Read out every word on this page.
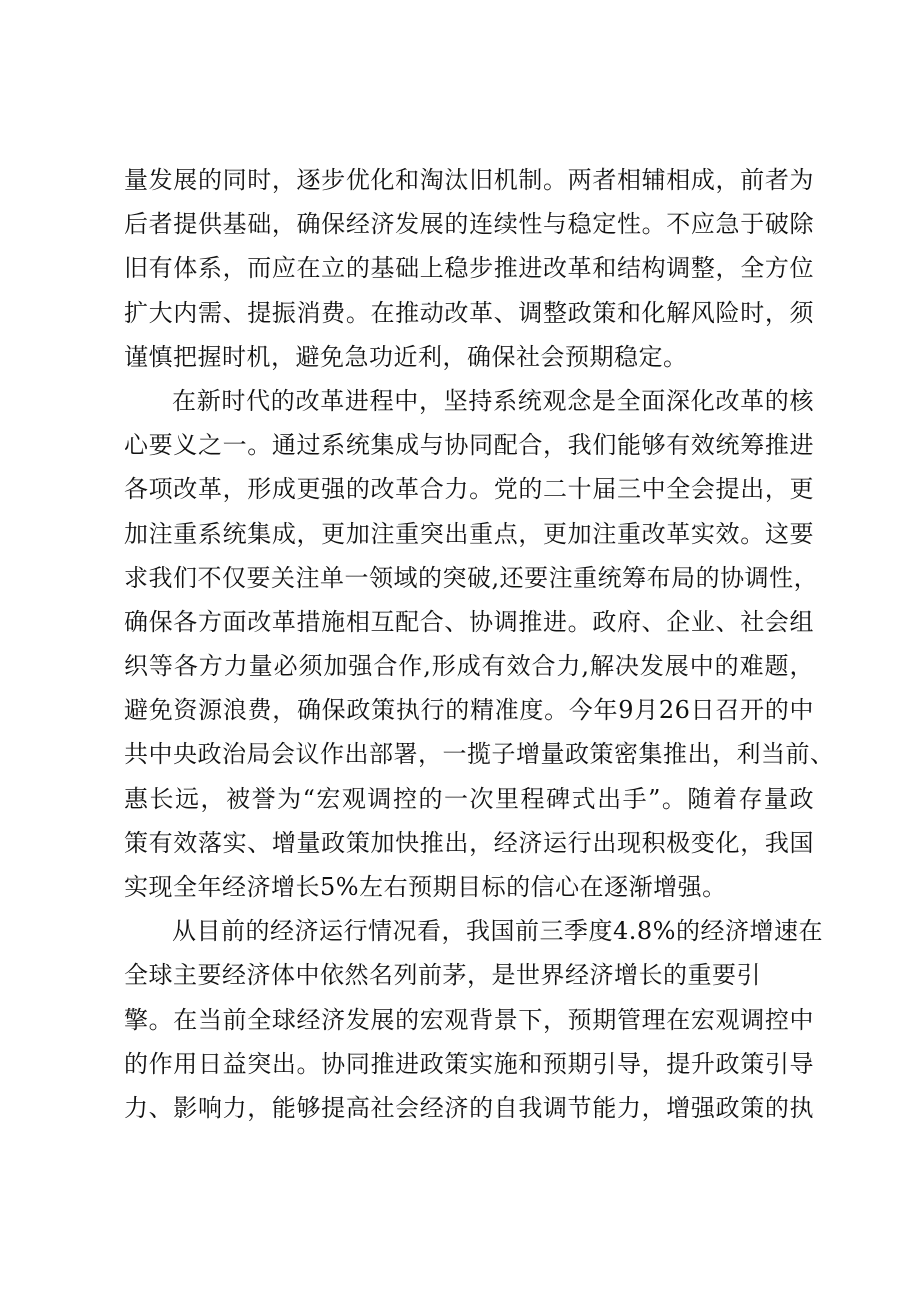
量发展的同时，逐步优化和淘汰旧机制。两者相辅相成，前者为
后者提供基础，确保经济发展的连续性与稳定性。不应急于破除
旧有体系，而应在立的基础上稳步推进改革和结构调整，全方位
扩大内需、提振消费。在推动改革、调整政策和化解风险时，须
谨慎把握时机，避免急功近利，确保社会预期稳定。
在新时代的改革进程中，坚持系统观念是全面深化改革的核
心要义之一。通过系统集成与协同配合，我们能够有效统筹推进
各项改革，形成更强的改革合力。党的二十届三中全会提出，更
加注重系统集成，更加注重突出重点，更加注重改革实效。这要
求我们不仅要关注单一领域的突破,还要注重统筹布局的协调性，
确保各方面改革措施相互配合、协调推进。政府、企业、社会组
织等各方力量必须加强合作,形成有效合力,解决发展中的难题，
避免资源浪费，确保政策执行的精准度。今年9月26日召开的中
共中央政治局会议作出部署，一揽子增量政策密集推出，利当前、
惠长远，被誉为“宏观调控的一次里程碑式出手”。随着存量政
策有效落实、增量政策加快推出，经济运行出现积极变化，我国
实现全年经济增长5%左右预期目标的信心在逐渐增强。
从目前的经济运行情况看，我国前三季度4.8%的经济增速在
全球主要经济体中依然名列前茅，是世界经济增长的重要引
擎。在当前全球经济发展的宏观背景下，预期管理在宏观调控中
的作用日益突出。协同推进政策实施和预期引导，提升政策引导
力、影响力，能够提高社会经济的自我调节能力，增强政策的执
